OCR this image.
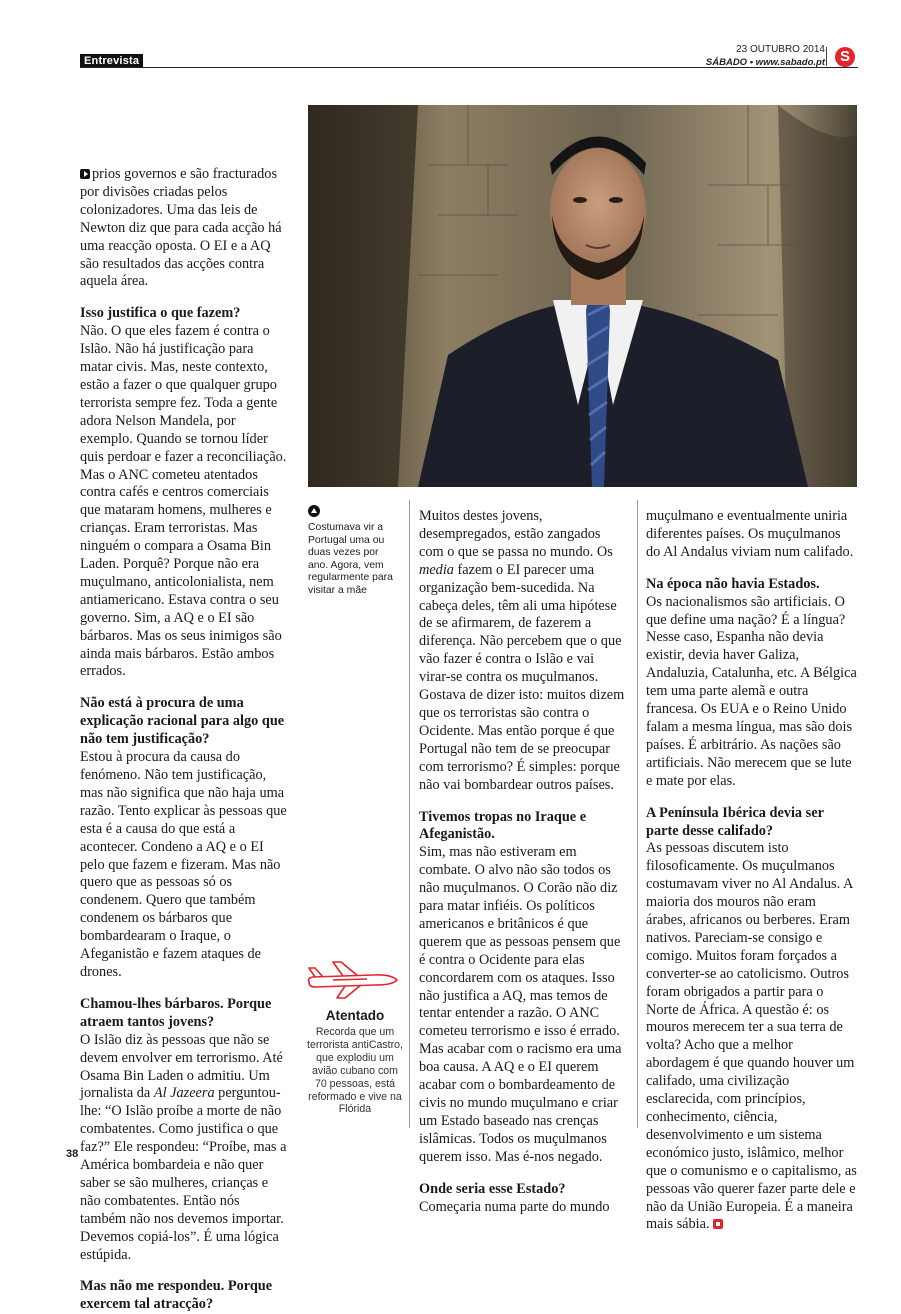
Entrevista
23 OUTUBRO 2014
SÁBADO • www.sabado.pt S

prios governos e são fracturados por divisões criadas pelos colonizadores. Uma das leis de Newton diz que para cada acção há uma reacção oposta. O EI e a AQ são resultados das acções contra aquela área.

Isso justifica o que fazem?

Não. O que eles fazem é contra o Islão. Não há justificação para matar civis. Mas, neste contexto, estão a fazer o que qualquer grupo terrorista sempre fez. Toda a gente adora Nelson Mandela, por exemplo. Quando se tornou líder quis perdoar e fazer a reconciliação. Mas o ANC cometeu atentados contra cafés e centros comerciais que mataram homens, mulheres e crianças. Eram terroristas. Mas ninguém o compara a Osama Bin Laden. Porquê? Porque não era muçulmano, anticolonialista, nem antiamericano. Estava contra o seu governo. Sim, a AQ e o EI são bárbaros. Mas os seus inimigos são ainda mais bárbaros. Estão ambos errados.

Não está à procura de uma explicação racional para algo que não tem justificação?

Estou à procura da causa do fenómeno. Não tem justificação, mas não significa que não haja uma razão. Tento explicar às pessoas que esta é a causa do que está a acontecer. Condeno a AQ e o EI pelo que fazem e fizeram. Mas não quero que as pessoas só os condenem. Quero que também condenem os bárbaros que bombardearam o Iraque, o Afeganistão e fazem ataques de drones.

Chamou-lhes bárbaros. Porque atraem tantos jovens?

O Islão diz às pessoas que não se devem envolver em terrorismo. Até Osama Bin Laden o admitiu. Um jornalista da Al Jazeera perguntou-lhe: “O Islão proíbe a morte de não combatentes. Como justifica o que faz?” Ele respondeu: “Proíbe, mas a América bombardeia e não quer saber se são mulheres, crianças e não combatentes. Então nós também não nos devemos importar. Devemos copiá-los”. É uma lógica estúpida.

Mas não me respondeu. Porque exercem tal atracção?
Costumava vir a Portugal uma ou duas vezes por ano. Agora, vem regularmente para visitar a mãe
Atentado
Recorda que um terrorista antiCastro, que explodiu um avião cubano com 70 pessoas, está reformado e vive na Flórida

Muitos destes jovens, desempregados, estão zangados com o que se passa no mundo. Os media fazem o EI parecer uma organização bem-sucedida. Na cabeça deles, têm ali uma hipótese de se afirmarem, de fazerem a diferença. Não percebem que o que vão fazer é contra o Islão e vai virar-se contra os muçulmanos. Gostava de dizer isto: muitos dizem que os terroristas são contra o Ocidente. Mas então porque é que Portugal não tem de se preocupar com terrorismo? É simples: porque não vai bombardear outros países.

Tivemos tropas no Iraque e Afeganistão.

Sim, mas não estiveram em combate. O alvo não são todos os não muçulmanos. O Corão não diz para matar infiéis. Os políticos americanos e britânicos é que querem que as pessoas pensem que é contra o Ocidente para elas concordarem com os ataques. Isso não justifica a AQ, mas temos de tentar entender a razão. O ANC cometeu terrorismo e isso é errado. Mas acabar com o racismo era uma boa causa. A AQ e o EI querem acabar com o bombardeamento de civis no mundo muçulmano e criar um Estado baseado nas crenças islâmicas. Todos os muçulmanos querem isso. Mas é-nos negado.

Onde seria esse Estado?

Começaria numa parte do mundo

muçulmano e eventualmente uniria diferentes países. Os muçulmanos do Al Andalus viviam num califado.

Na época não havia Estados.

Os nacionalismos são artificiais. O que define uma nação? É a língua? Nesse caso, Espanha não devia existir, devia haver Galiza, Andaluzia, Catalunha, etc. A Bélgica tem uma parte alemã e outra francesa. Os EUA e o Reino Unido falam a mesma língua, mas são dois países. É arbitrário. As nações são artificiais. Não merecem que se lute e mate por elas.

A Península Ibérica devia ser parte desse califado?

As pessoas discutem isto filosoficamente. Os muçulmanos costumavam viver no Al Andalus. A maioria dos mouros não eram árabes, africanos ou berberes. Eram nativos. Pareciam-se consigo e comigo. Muitos foram forçados a converter-se ao catolicismo. Outros foram obrigados a partir para o Norte de África. A questão é: os mouros merecem ter a sua terra de volta? Acho que a melhor abordagem é que quando houver um califado, uma civilização esclarecida, com princípios, conhecimento, ciência, desenvolvimento e um sistema económico justo, islâmico, melhor que o comunismo e o capitalismo, as pessoas vão querer fazer parte dele e não da União Europeia. É a maneira mais sábia.

38
